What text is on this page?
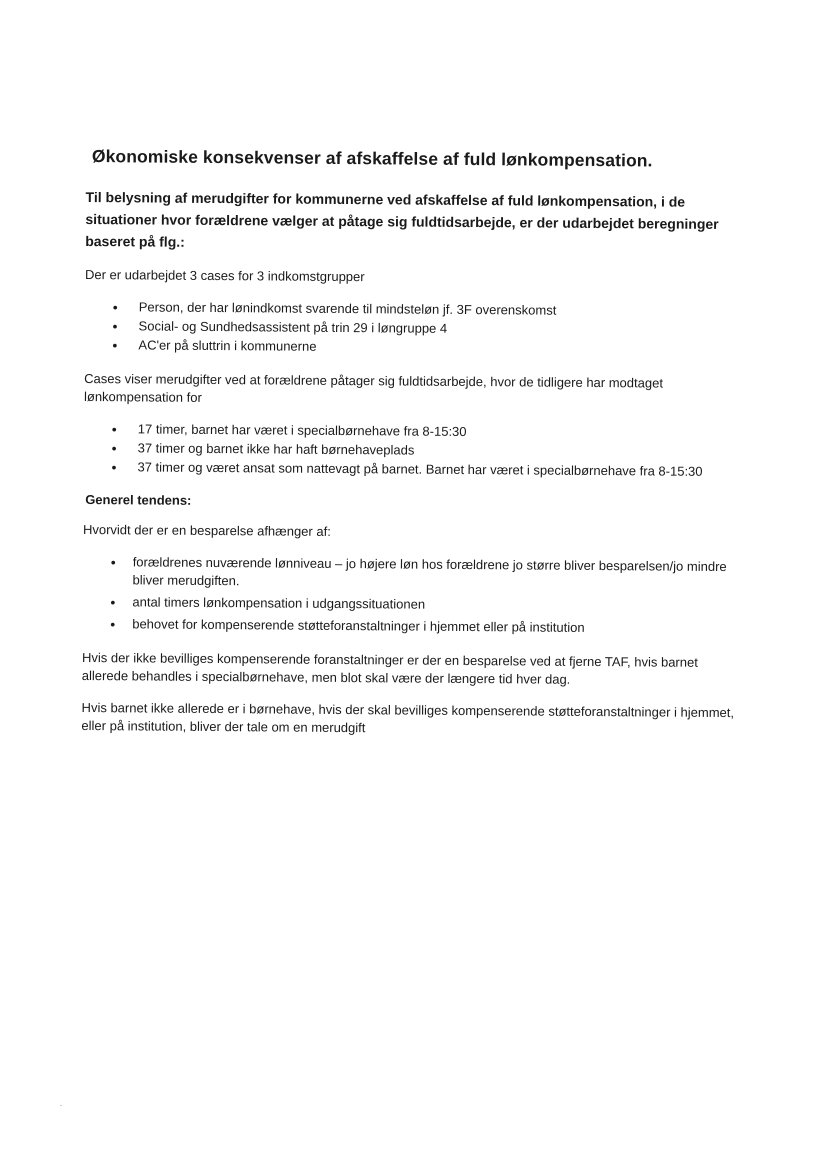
Økonomiske konsekvenser af afskaffelse af fuld lønkompensation.
Til belysning af merudgifter for kommunerne ved afskaffelse af fuld lønkompensation, i de situationer hvor forældrene vælger at påtage sig fuldtidsarbejde, er der udarbejdet beregninger baseret på flg.:

Der er udarbejdet 3 cases for 3 indkomstgrupper

• Person, der har lønindkomst svarende til mindsteløn jf. 3F overenskomst
• Social- og Sundhedsassistent på trin 29 i løngruppe 4
• AC'er på sluttrin i kommunerne

Cases viser merudgifter ved at forældrene påtager sig fuldtidsarbejde, hvor de tidligere har modtaget lønkompensation for

• 17 timer, barnet har været i specialbørnehave fra 8-15:30
• 37 timer og barnet ikke har haft børnehaveplads
• 37 timer og været ansat som nattevagt på barnet. Barnet har været i specialbørnehave fra 8-15:30
Generel tendens:

Hvorvidt der er en besparelse afhænger af:

• forældrenes nuværende lønniveau – jo højere løn hos forældrene jo større bliver besparelsen/jo mindre bliver merudgiften.
• antal timers lønkompensation i udgangssituationen
• behovet for kompenserende støtteforanstaltninger i hjemmet eller på institution

Hvis der ikke bevilliges kompenserende foranstaltninger er der en besparelse ved at fjerne TAF, hvis barnet allerede behandles i specialbørnehave, men blot skal være der længere tid hver dag.

Hvis barnet ikke allerede er i børnehave, hvis der skal bevilliges kompenserende støtteforanstaltninger i hjemmet, eller på institution, bliver der tale om en merudgift
